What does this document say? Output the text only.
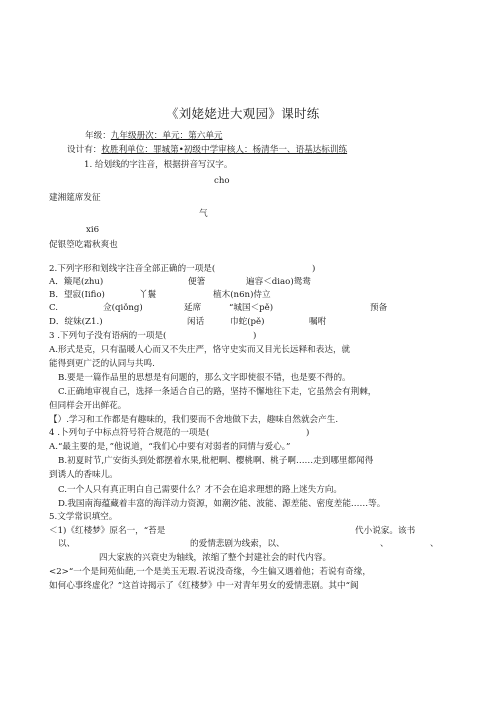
《刘姥姥进大观园》课时练
年级：九年级册次：单元：第六单元
设计有：枚胜利单位：罪城第•初级中学审核人：杨清华一、语基达标训练
1. 给划线的字注音，根据拼音写汉字。
cho
建湘筵席发征
气
xi6
促银箜吃霜秋爽也
2.下列字形和划线字注音全部正确的一项是(	)
A．簸尾(zhu)	便箸	遍容＜diao)鸳鸯
B．望寂(Iifio)	丫鬟	植木(n6n)侍立
C.	佥(qiǒng)	延席	“城国＜pě)	预备
D．绽妹(Z1.)	闲话	巾蛇(pě)	嘱咐
3 .下列句子没有语病的一项是(	)
A.形式是克，只有温暖人心而又不失庄严，恪守史实而又目光长远释和表达，就
能得到更广泛的认同与共鸣.
B.要是一篇作品里的思想是有问题的，那么文字即使很不错，也是要不得的。
C.正确地审视自己，选择一条适合自己的路，坚持不懈地往下走，它虽然会有荆棘，
但同样会开出鲜花。
【）.学习和工作都是有趣味的，我们要而不舍地做下去，趣味自然就会产生.
4 .卜列句子中标点符号符合规范的一项是(	)
A.“最主要的是，”他说道，“我们心中要有对弱者的同情与爱心。”
B.初夏时节,广安街头到处都摆着水果,枇杷啊、樱桃啊、桃子啊……走到哪里都闻得
到诱人的香味儿。
C.一个人只有真正明白自己需要什么？才不会在追求理想的路上迷失方向。
D.我国南海蕴藏着丰富的海洋动力资源，如潮汐能、波能、源差能、密度差能……等。
5.文学常识填空。
＜1)《红楼梦》原名一，“苔是	代小说家。该书
以、	的爱情悲剧为线索，以、	、	、
四大家族的兴衰史为轴线，浓缩了整个封建社会的时代内容。
<2>“一个是间苑仙葩,一个是美玉无瑕.若说没奇缘，今生偏又遇着他；若说有奇缘，
如何心事终虚化？”这首诗揭示了《红楼梦》中一对青年男女的爱情悲剧。其中“阆
